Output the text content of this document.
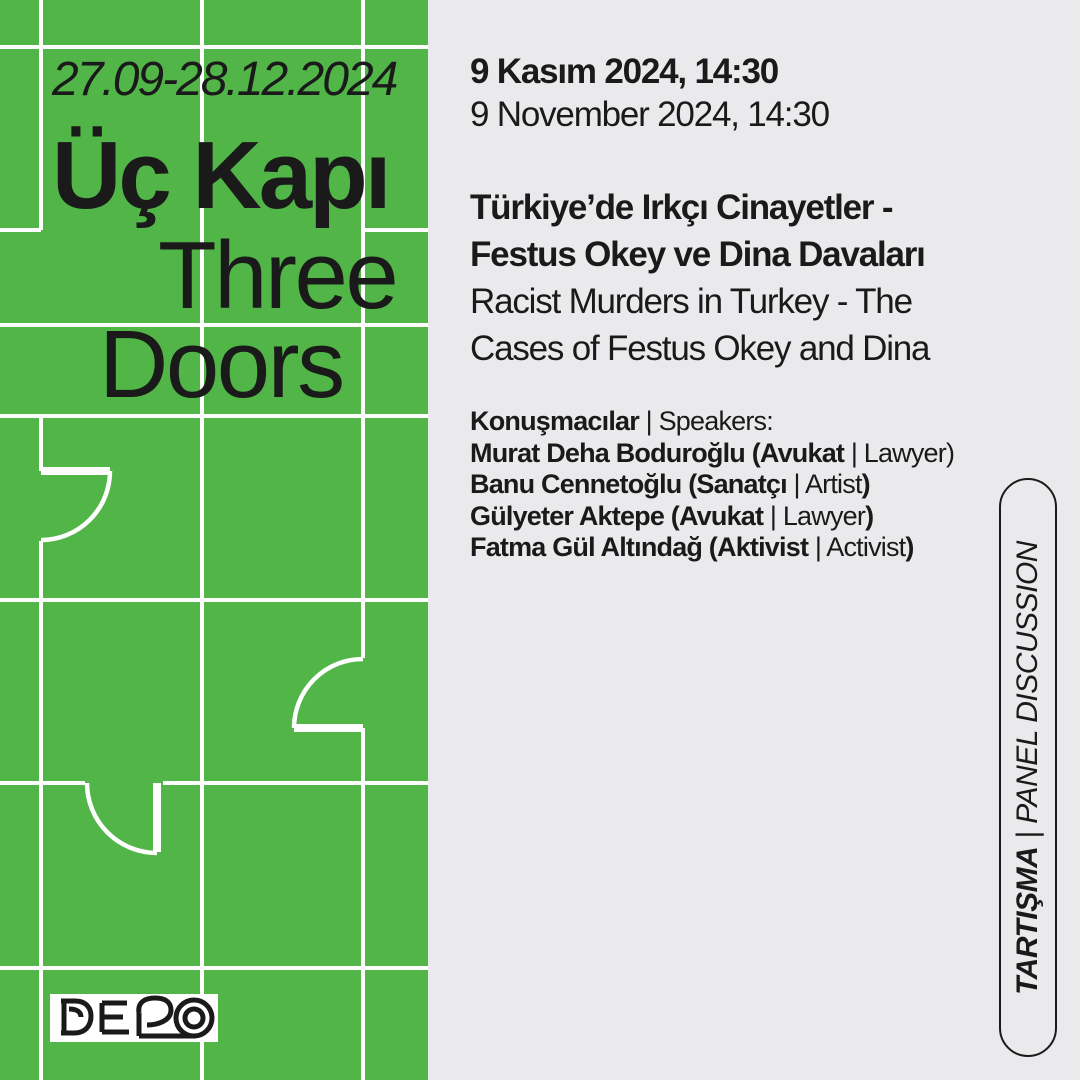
27.09-28.12.2024
Üç Kapı
Three
Doors
9 Kasım 2024, 14:30
9 November 2024, 14:30
Türkiye’de Irkçı Cinayetler -
Festus Okey ve Dina Davaları
Racist Murders in Turkey - The
Cases of Festus Okey and Dina
Konuşmacılar | Speakers:
Murat Deha Boduroğlu (Avukat | Lawyer)
Banu Cennetoğlu (Sanatçı | Artist)
Gülyeter Aktepe (Avukat | Lawyer)
Fatma Gül Altındağ (Aktivist | Activist)
TARTIŞMA | PANEL DISCUSSION
